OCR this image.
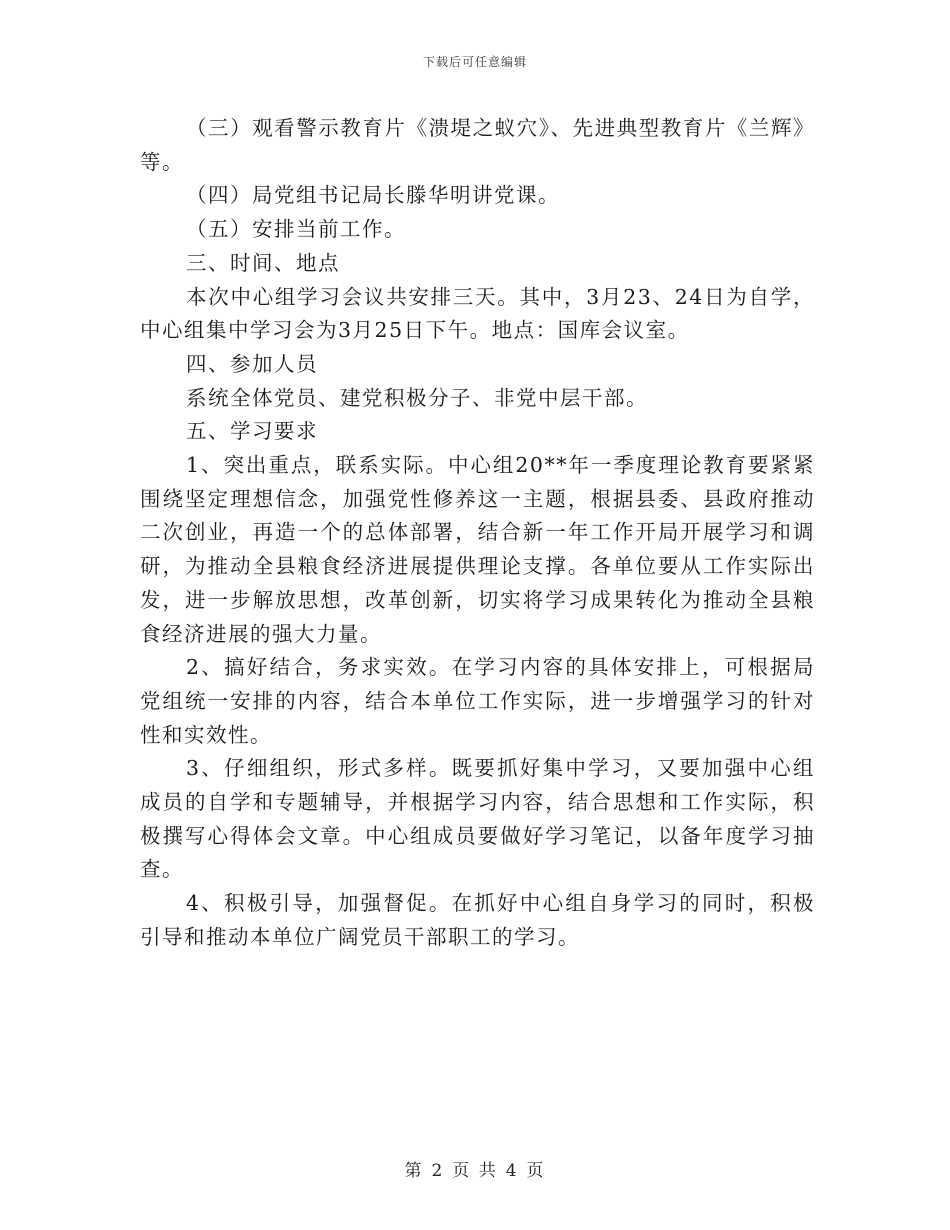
下载后可任意编辑

（三）观看警示教育片《溃堤之蚁穴》、先进典型教育片《兰辉》等。

（四）局党组书记局长滕华明讲党课。

（五）安排当前工作。

三、时间、地点

本次中心组学习会议共安排三天。其中，3月23、24日为自学，中心组集中学习会为3月25日下午。地点：国库会议室。

四、参加人员

系统全体党员、建党积极分子、非党中层干部。

五、学习要求

1、突出重点，联系实际。中心组20**年一季度理论教育要紧紧围绕坚定理想信念，加强党性修养这一主题，根据县委、县政府推动二次创业，再造一个的总体部署，结合新一年工作开局开展学习和调研，为推动全县粮食经济进展提供理论支撑。各单位要从工作实际出发，进一步解放思想，改革创新，切实将学习成果转化为推动全县粮食经济进展的强大力量。

2、搞好结合，务求实效。在学习内容的具体安排上，可根据局党组统一安排的内容，结合本单位工作实际，进一步增强学习的针对性和实效性。

3、仔细组织，形式多样。既要抓好集中学习，又要加强中心组成员的自学和专题辅导，并根据学习内容，结合思想和工作实际，积极撰写心得体会文章。中心组成员要做好学习笔记，以备年度学习抽查。

4、积极引导，加强督促。在抓好中心组自身学习的同时，积极引导和推动本单位广阔党员干部职工的学习。

第 2 页 共 4 页
